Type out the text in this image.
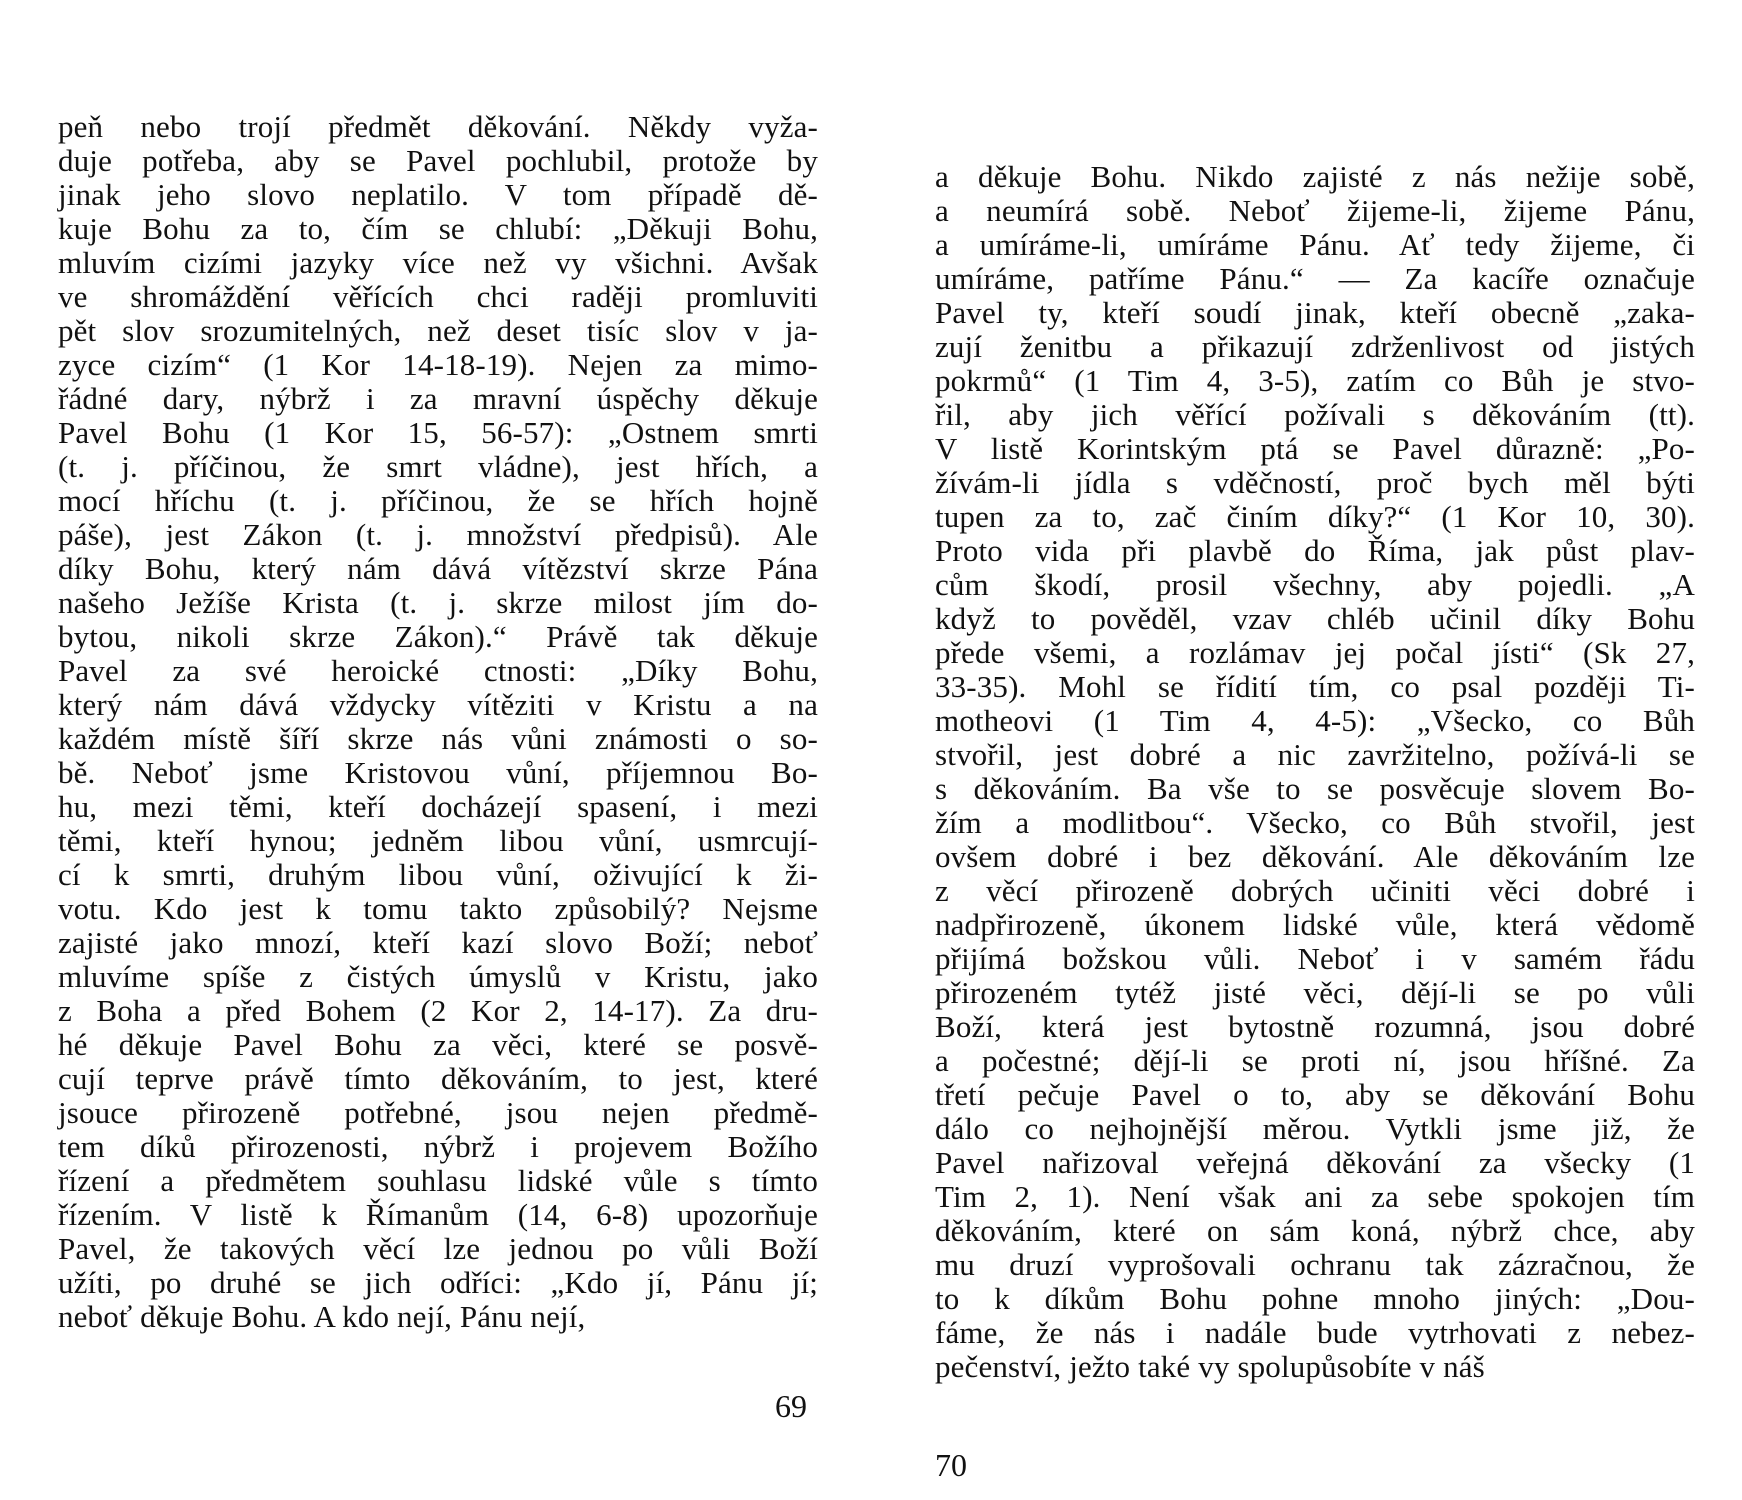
peň nebo trojí předmět děkování. Někdy vyža-
duje potřeba, aby se Pavel pochlubil, protože by
jinak jeho slovo neplatilo. V tom případě dě-
kuje Bohu za to, čím se chlubí: „Děkuji Bohu,
mluvím cizími jazyky více než vy všichni. Avšak
ve shromáždění věřících chci raději promluviti
pět slov srozumitelných, než deset tisíc slov v ja-
zyce cizím“ (1 Kor 14-18-19). Nejen za mimo-
řádné dary, nýbrž i za mravní úspěchy děkuje
Pavel Bohu (1 Kor 15, 56-57): „Ostnem smrti
(t. j. příčinou, že smrt vládne), jest hřích, a
mocí hříchu (t. j. příčinou, že se hřích hojně
páše), jest Zákon (t. j. množství předpisů). Ale
díky Bohu, který nám dává vítězství skrze Pána
našeho Ježíše Krista (t. j. skrze milost jím do-
bytou, nikoli skrze Zákon).“ Právě tak děkuje
Pavel za své heroické ctnosti: „Díky Bohu,
který nám dává vždycky vítěziti v Kristu a na
každém místě šíří skrze nás vůni známosti o so-
bě. Neboť jsme Kristovou vůní, příjemnou Bo-
hu, mezi těmi, kteří docházejí spasení, i mezi
těmi, kteří hynou; jedněm libou vůní, usmrcují-
cí k smrti, druhým libou vůní, oživující k ži-
votu. Kdo jest k tomu takto způsobilý? Nejsme
zajisté jako mnozí, kteří kazí slovo Boží; neboť
mluvíme spíše z čistých úmyslů v Kristu, jako
z Boha a před Bohem (2 Kor 2, 14-17). Za dru-
hé děkuje Pavel Bohu za věci, které se posvě-
cují teprve právě tímto děkováním, to jest, které
jsouce přirozeně potřebné, jsou nejen předmě-
tem díků přirozenosti, nýbrž i projevem Božího
řízení a předmětem souhlasu lidské vůle s tímto
řízením. V listě k Římanům (14, 6-8) upozorňuje
Pavel, že takových věcí lze jednou po vůli Boží
užíti, po druhé se jich odříci: „Kdo jí, Pánu jí;
neboť děkuje Bohu. A kdo nejí, Pánu nejí,
69
a děkuje Bohu. Nikdo zajisté z nás nežije sobě,
a neumírá sobě. Neboť žijeme-li, žijeme Pánu,
a umíráme-li, umíráme Pánu. Ať tedy žijeme, či
umíráme, patříme Pánu.“ — Za kacíře označuje
Pavel ty, kteří soudí jinak, kteří obecně „zaka-
zují ženitbu a přikazují zdrženlivost od jistých
pokrmů“ (1 Tim 4, 3-5), zatím co Bůh je stvo-
řil, aby jich věřící požívali s děkováním (tt).
V listě Korintským ptá se Pavel důrazně: „Po-
žívám-li jídla s vděčností, proč bych měl býti
tupen za to, zač činím díky?“ (1 Kor 10, 30).
Proto vida při plavbě do Říma, jak půst plav-
cům škodí, prosil všechny, aby pojedli. „A
když to pověděl, vzav chléb učinil díky Bohu
přede všemi, a rozlámav jej počal jísti“ (Sk 27,
33-35). Mohl se řídití tím, co psal později Ti-
motheovi (1 Tim 4, 4-5): „Všecko, co Bůh
stvořil, jest dobré a nic zavržitelno, požívá-li se
s děkováním. Ba vše to se posvěcuje slovem Bo-
žím a modlitbou“. Všecko, co Bůh stvořil, jest
ovšem dobré i bez děkování. Ale děkováním lze
z věcí přirozeně dobrých učiniti věci dobré i
nadpřirozeně, úkonem lidské vůle, která vědomě
přijímá božskou vůli. Neboť i v samém řádu
přirozeném tytéž jisté věci, dějí-li se po vůli
Boží, která jest bytostně rozumná, jsou dobré
a počestné; dějí-li se proti ní, jsou hříšné. Za
třetí pečuje Pavel o to, aby se děkování Bohu
dálo co nejhojnější měrou. Vytkli jsme již, že
Pavel nařizoval veřejná děkování za všecky (1
Tim 2, 1). Není však ani za sebe spokojen tím
děkováním, které on sám koná, nýbrž chce, aby
mu druzí vyprošovali ochranu tak zázračnou, že
to k díkům Bohu pohne mnoho jiných: „Dou-
fáme, že nás i nadále bude vytrhovati z nebez-
pečenství, ježto také vy spolupůsobíte v náš
70
